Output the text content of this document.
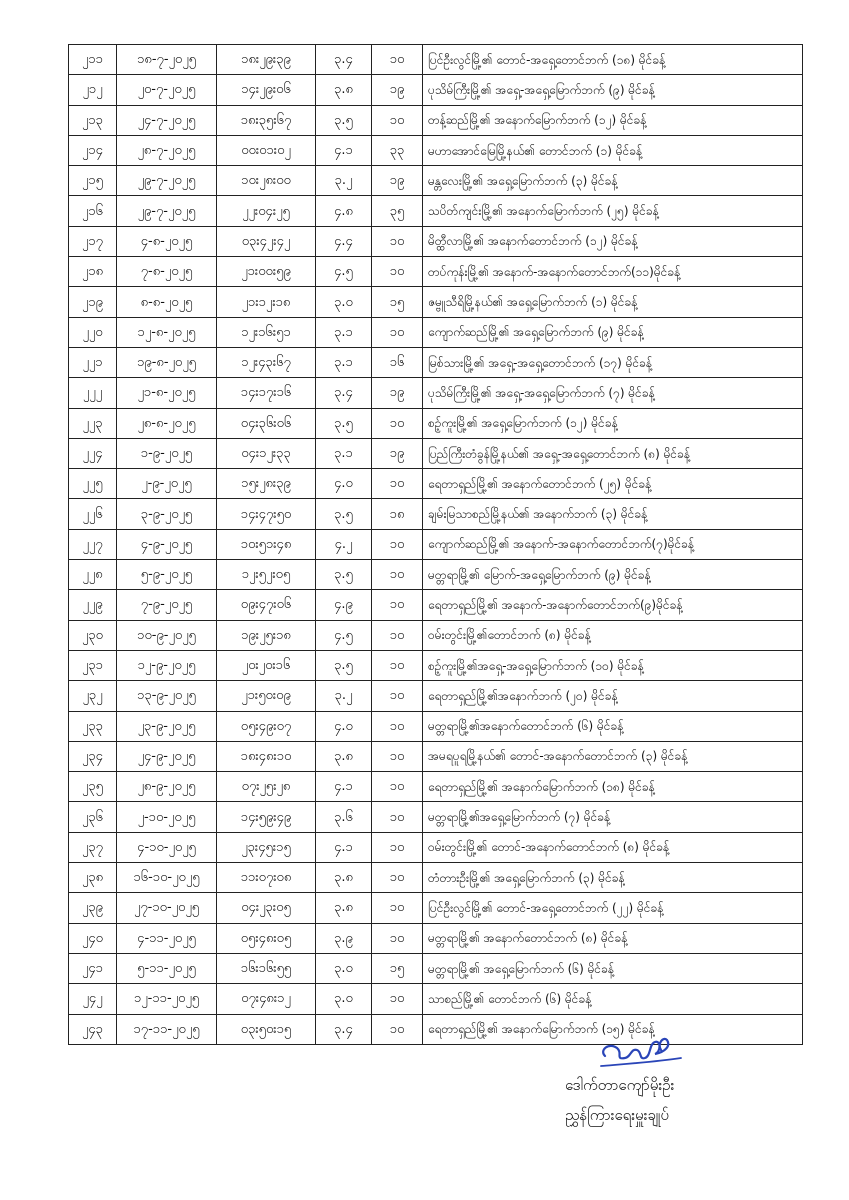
၂၁၁	၁၈-၇-၂၀၂၅	၁၈း၂၉း၃၉	၃.၄	၁၀	ပြင်ဦးလွင်မြို့၏ တောင်-အရှေ့တောင်ဘက် (၁၈) မိုင်ခန့်
၂၁၂	၂၀-၇-၂၀၂၅	၁၄း၂၉း၀၆	၃.၈	၁၉	ပုသိမ်ကြီးမြို့၏ အရှေ့-အရှေ့မြောက်ဘက် (၉) မိုင်ခန့်
၂၁၃	၂၄-၇-၂၀၂၅	၁၈း၃၅း၆၇	၃.၅	၁၀	တန့်ဆည်မြို့၏ အနောက်မြောက်ဘက် (၁၂) မိုင်ခန့်
၂၁၄	၂၈-၇-၂၀၂၅	၀၀း၀၁း၀၂	၄.၁	၃၃	မဟာအောင်မြေမြို့နယ်၏ တောင်ဘက် (၁) မိုင်ခန့်
၂၁၅	၂၉-၇-၂၀၂၅	၁၀း၂၈း၀၀	၃.၂	၁၉	မန္တလေးမြို့၏ အရှေ့မြောက်ဘက် (၃) မိုင်ခန့်
၂၁၆	၂၉-၇-၂၀၂၅	၂၂း၀၄း၂၅	၄.၈	၃၅	သပိတ်ကျင်းမြို့၏ အနောက်မြောက်ဘက် (၂၅) မိုင်ခန့်
၂၁၇	၄-၈-၂၀၂၅	၀၃း၄၂း၄၂	၄.၄	၁၀	မိတ္ထီလာမြို့၏ အနောက်တောင်ဘက် (၁၂) မိုင်ခန့်
၂၁၈	၇-၈-၂၀၂၅	၂၁း၀၀း၅၉	၄.၅	၁၀	တပ်ကုန်းမြို့၏ အနောက်-အနောက်တောင်ဘက်(၁၁)မိုင်ခန့်
၂၁၉	၈-၈-၂၀၂၅	၂၁း၁၂း၁၈	၃.၀	၁၅	ဇမ္ဗူသီရိမြို့နယ်၏ အရှေ့မြောက်ဘက် (၁) မိုင်ခန့်
၂၂၀	၁၂-၈-၂၀၂၅	၁၂း၁၆း၅၁	၃.၁	၁၀	ကျောက်ဆည်မြို့၏ အရှေ့မြောက်ဘက် (၉) မိုင်ခန့်
၂၂၁	၁၉-၈-၂၀၂၅	၁၂း၄၃း၆၇	၃.၁	၁၆	မြစ်သားမြို့၏ အရှေ့-အရှေ့တောင်ဘက် (၁၇) မိုင်ခန့်
၂၂၂	၂၁-၈-၂၀၂၅	၁၄း၁၇း၁၆	၃.၄	၁၉	ပုသိမ်ကြီးမြို့၏ အရှေ့-အရှေ့မြောက်ဘက် (၇) မိုင်ခန့်
၂၂၃	၂၈-၈-၂၀၂၅	၀၄း၃၆း၀၆	၃.၅	၁၀	စဥ့်ကူးမြို့၏ အရှေ့မြောက်ဘက် (၁၂) မိုင်ခန့်
၂၂၄	၁-၉-၂၀၂၅	၀၄း၁၂း၃၃	၃.၁	၁၉	ပြည်ကြီးတံခွန်မြို့နယ်၏ အရှေ့-အရှေ့တောင်ဘက် (၈) မိုင်ခန့်
၂၂၅	၂-၉-၂၀၂၅	၁၅း၂၈း၃၉	၄.၀	၁၀	ရေတာရှည်မြို့၏ အနောက်တောင်ဘက် (၂၅) မိုင်ခန့်
၂၂၆	၃-၉-၂၀၂၅	၁၄း၄၇း၅၀	၃.၅	၁၈	ချမ်းမြသာစည်မြို့နယ်၏ အနောက်ဘက် (၃) မိုင်ခန့်
၂၂၇	၄-၉-၂၀၂၅	၁၀း၅၁း၄၈	၄.၂	၁၀	ကျောက်ဆည်မြို့၏ အနောက်-အနောက်တောင်ဘက်(၇)မိုင်ခန့်
၂၂၈	၅-၉-၂၀၂၅	၁၂း၅၂း၀၅	၃.၅	၁၀	မတ္တရာမြို့၏ မြောက်-အရှေ့မြောက်ဘက် (၉) မိုင်ခန့်
၂၂၉	၇-၉-၂၀၂၅	၀၉း၄၇း၀၆	၄.၉	၁၀	ရေတာရှည်မြို့၏ အနောက်-အနောက်တောင်ဘက်(၉)မိုင်ခန့်
၂၃၀	၁၀-၉-၂၀၂၅	၁၉း၂၅း၁၈	၄.၅	၁၀	ဝမ်းတွင်းမြို့၏တောင်ဘက် (၈) မိုင်ခန့်
၂၃၁	၁၂-၉-၂၀၂၅	၂၀း၂၀း၁၆	၃.၅	၁၀	စဥ့်ကူးမြို့၏အရှေ့-အရှေ့မြောက်ဘက် (၁၀) မိုင်ခန့်
၂၃၂	၁၃-၉-၂၀၂၅	၂၁း၅၀း၀၉	၃.၂	၁၀	ရေတာရှည်မြို့၏အနောက်ဘက် (၂၀) မိုင်ခန့်
၂၃၃	၂၃-၉-၂၀၂၅	၀၅း၄၉း၀၇	၄.၀	၁၀	မတ္တရာမြို့၏အနောက်တောင်ဘက် (၆) မိုင်ခန့်
၂၃၄	၂၄-၉-၂၀၂၅	၁၈း၄၈း၁၀	၃.၈	၁၀	အမရပူရမြို့နယ်၏ တောင်-အနောက်တောင်ဘက် (၃) မိုင်ခန့်
၂၃၅	၂၈-၉-၂၀၂၅	၀၇း၂၅း၂၈	၄.၁	၁၀	ရေတာရှည်မြို့၏ အနောက်မြောက်ဘက် (၁၈) မိုင်ခန့်
၂၃၆	၂-၁၀-၂၀၂၅	၁၄း၅၉း၄၉	၃.၆	၁၀	မတ္တရာမြို့၏အရှေ့မြောက်ဘက် (၇) မိုင်ခန့်
၂၃၇	၄-၁၀-၂၀၂၅	၂၃း၄၅း၁၅	၄.၁	၁၀	ဝမ်းတွင်းမြို့၏ တောင်-အနောက်တောင်ဘက် (၈) မိုင်ခန့်
၂၃၈	၁၆-၁၀-၂၀၂၅	၁၁း၀၇း၀၈	၃.၈	၁၀	တံတားဦးမြို့၏ အရှေ့မြောက်ဘက် (၃) မိုင်ခန့်
၂၃၉	၂၇-၁၀-၂၀၂၅	၀၄း၂၃း၀၅	၃.၈	၁၀	ပြင်ဦးလွင်မြို့၏ တောင်-အရှေ့တောင်ဘက် (၂၂) မိုင်ခန့်
၂၄၀	၄-၁၁-၂၀၂၅	၀၅း၄၈း၀၅	၃.၉	၁၀	မတ္တရာမြို့၏ အနောက်တောင်ဘက် (၈) မိုင်ခန့်
၂၄၁	၅-၁၁-၂၀၂၅	၁၆း၁၆း၅၅	၃.၀	၁၅	မတ္တရာမြို့၏ အရှေ့မြောက်ဘက် (၆) မိုင်ခန့်
၂၄၂	၁၂-၁၁-၂၀၂၅	၀၇း၄၈း၁၂	၃.၀	၁၀	သာစည်မြို့၏ တောင်ဘက် (၆) မိုင်ခန့်
၂၄၃	၁၇-၁၁-၂၀၂၅	၀၃း၅၀း၁၅	၃.၄	၁၀	ရေတာရှည်မြို့၏ အနောက်မြောက်ဘက် (၁၅) မိုင်ခန့်
ဒေါက်တာကျော်မိုးဦး
ညွှန်ကြားရေးမှူးချုပ်
